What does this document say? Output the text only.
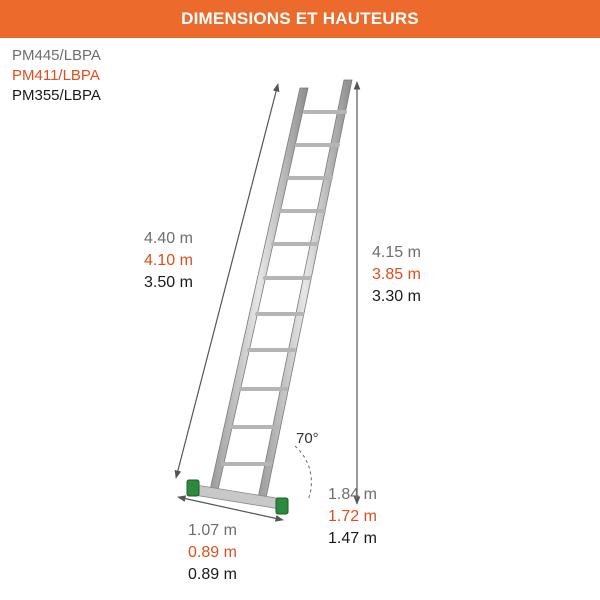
DIMENSIONS ET HAUTEURS
PM445/LBPA
PM411/LBPA
PM355/LBPA
70°
4.40 m
4.10 m
3.50 m
4.15 m
3.85 m
3.30 m
1.07 m
0.89 m
0.89 m
1.84 m
1.72 m
1.47 m
